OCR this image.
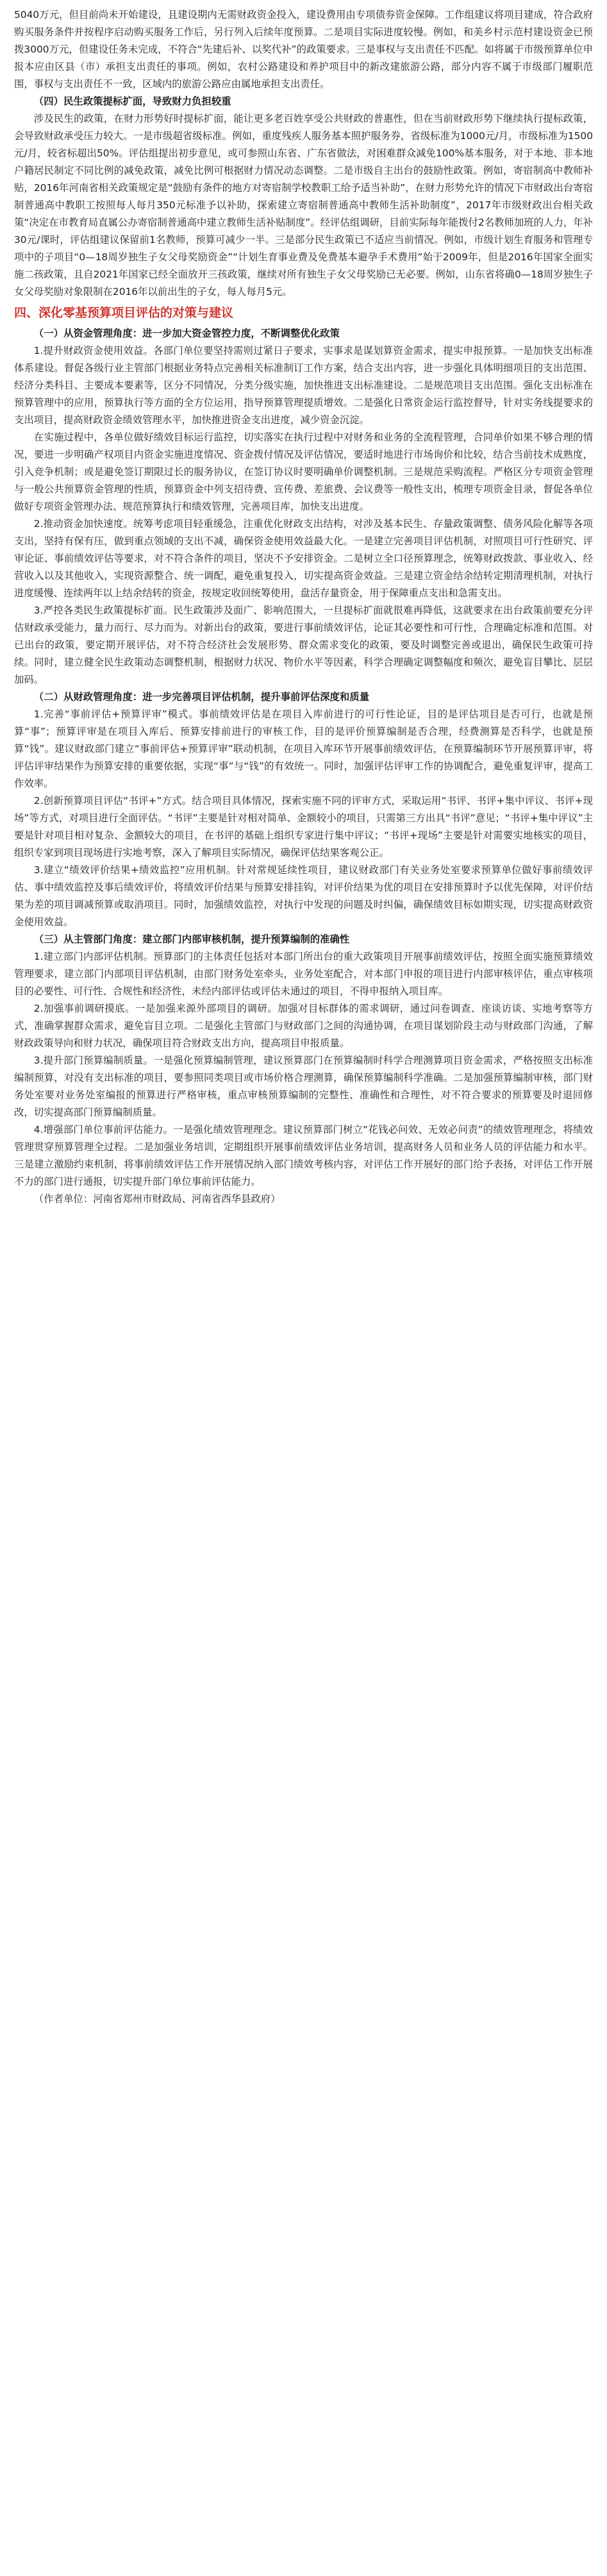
5040万元，但目前尚未开始建设，且建设期内无需财政资金投入，建设费用由专项债券资金保障。工作组建议将项目建成，符合政府购买服务条件并按程序启动购买服务工作后，另行列入后续年度预算。二是项目实际进度较慢。例如，和美乡村示范村建设资金已预拨3000万元，但建设任务未完成，不符合“先建后补、以奖代补”的政策要求。三是事权与支出责任不匹配。如将属于市级预算单位申报本应由区县（市）承担支出责任的事项。例如，农村公路建设和养护项目中的新改建旅游公路，部分内容不属于市级部门履职范围，事权与支出责任不一致，区域内的旅游公路应由属地承担支出责任。

（四）民生政策提标扩面，导致财力负担较重

涉及民生的政策，在财力形势好时提标扩面，能让更多老百姓享受公共财政的普惠性，但在当前财政形势下继续执行提标政策，会导致财政承受压力较大。一是市级超省级标准。例如，重度残疾人服务基本照护服务券，省级标准为1000元/月，市级标准为1500元/月，较省标超出50%。评估组提出初步意见，或可参照山东省、广东省做法，对困难群众减免100%基本服务，对于本地、非本地户籍居民制定不同比例的减免政策，减免比例可根据财力情况动态调整。二是市级自主出台的鼓励性政策。例如，寄宿制高中教师补贴，2016年河南省相关政策规定是“鼓励有条件的地方对寄宿制学校教职工给予适当补助”，在财力形势允许的情况下市财政出台寄宿制普通高中教职工按照每人每月350元标准予以补助，探索建立寄宿制普通高中教师生活补助制度”，2017年市级财政出台相关政策“决定在市教育局直属公办寄宿制普通高中建立教师生活补贴制度”。经评估组调研，目前实际每年能拨付2名教师加班的人力，年补30元/课时，评估组建议保留前1名教师，预算可减少一半。三是部分民生政策已不适应当前情况。例如，市级计划生育服务和管理专项中的子项目“0—18周岁独生子女父母奖励资金”“计划生育事业费及免费基本避孕手术费用”始于2009年，但是2016年国家全面实施二孩政策，且自2021年国家已经全面放开三孩政策，继续对所有独生子女父母奖励已无必要。例如，山东省将确0—18周岁独生子女父母奖励对象限制在2016年以前出生的子女，每人每月5元。

四、深化零基预算项目评估的对策与建议

（一）从资金管理角度：进一步加大资金管控力度，不断调整优化政策

1.提升财政资金使用效益。各部门单位要坚持需则过紧日子要求，实事求是谋划算资金需求，提实申报预算。一是加快支出标准体系建设。督促各级行业主管部门根据业务特点完善相关标准制订工作方案，结合支出内容，进一步强化具体明细项目的支出范围、经济分类科目、主要成本要素等，区分不同情况，分类分级实施，加快推进支出标准建设。二是规范项目支出范围。强化支出标准在预算管理中的应用，预算执行等方面的全方位运用，指导预算管理提质增效。二是强化日常资金运行监控督导，针对实务线提要求的支出项目，提高财政资金绩效管理水平，加快推进资金支出进度，减少资金沉淀。

在实施过程中，各单位做好绩效目标运行监控，切实落实在执行过程中对财务和业务的全流程管理，合同单价如果不够合理的情况，要进一步明确产权项目内资金实施进度情况、资金拨付情况及评估情况，要适时地进行市场询价和比较，结合当前技术成熟度，引入竞争机制；或是避免签订期限过长的服务协议，在签订协议时要明确单价调整机制。三是规范采购流程。严格区分专项资金管理与一般公共预算资金管理的性质，预算资金中列支招待费、宣传费、差旅费、会议费等一般性支出，梳理专项资金目录，督促各单位做好专项资金管理办法、规范预算执行和绩效管理，完善项目库，加快支出进度。

2.推动资金加快速度。统筹考虑项目轻重缓急，注重优化财政支出结构，对涉及基本民生、存量政策调整、债务风险化解等各项支出，坚持有保有压，做到重点领域的支出不减，确保资金使用效益最大化。一是建立完善项目评估机制，对照项目可行性研究、评审论证、事前绩效评估等要求，对不符合条件的项目，坚决不予安排资金。二是树立全口径预算理念，统筹财政拨款、事业收入、经营收入以及其他收入，实现资源整合、统一调配，避免重复投入，切实提高资金效益。三是建立资金结余结转定期清理机制，对执行进度缓慢、连续两年以上结余结转的资金，按规定收回统筹使用，盘活存量资金，用于保障重点支出和急需支出。

3.严控各类民生政策提标扩面。民生政策涉及面广、影响范围大，一旦提标扩面就很难再降低，这就要求在出台政策前要充分评估财政承受能力，量力而行、尽力而为。对新出台的政策，要进行事前绩效评估，论证其必要性和可行性，合理确定标准和范围。对已出台的政策，要定期开展评估，对不符合经济社会发展形势、群众需求变化的政策，要及时调整完善或退出，确保民生政策可持续。同时，建立健全民生政策动态调整机制，根据财力状况、物价水平等因素，科学合理确定调整幅度和频次，避免盲目攀比、层层加码。

（二）从财政管理角度：进一步完善项目评估机制，提升事前评估深度和质量

1.完善“事前评估+预算评审”模式。事前绩效评估是在项目入库前进行的可行性论证，目的是评估项目是否可行，也就是预算“事”；预算评审是在项目入库后、预算安排前进行的审核工作，目的是评价预算编制是否合理，经费测算是否科学，也就是预算“钱”。建议财政部门建立“事前评估+预算评审”联动机制，在项目入库环节开展事前绩效评估，在预算编制环节开展预算评审，将评估评审结果作为预算安排的重要依据，实现“事”与“钱”的有效统一。同时，加强评估评审工作的协调配合，避免重复评审，提高工作效率。

2.创新预算项目评估“书评+”方式。结合项目具体情况，探索实施不同的评审方式，采取运用“书评、书评+集中评议、书评+现场”等方式，对项目进行全面评估。“书评”主要是针对相对简单、金额较小的项目，只需第三方出具“书评”意见；“书评+集中评议”主要是针对项目相对复杂、金额较大的项目，在书评的基础上组织专家进行集中评议；“书评+现场”主要是针对需要实地核实的项目，组织专家到项目现场进行实地考察，深入了解项目实际情况，确保评估结果客观公正。

3.建立“绩效评价结果+绩效监控”应用机制。针对常规延续性项目，建议财政部门有关业务处室要求预算单位做好事前绩效评估、事中绩效监控及事后绩效评价，将绩效评价结果与预算安排挂钩，对评价结果为优的项目在安排预算时予以优先保障，对评价结果为差的项目调减预算或取消项目。同时，加强绩效监控，对执行中发现的问题及时纠偏，确保绩效目标如期实现，切实提高财政资金使用效益。

（三）从主管部门角度：建立部门内部审核机制，提升预算编制的准确性

1.建立部门内部评估机制。预算部门的主体责任包括对本部门所出台的重大政策项目开展事前绩效评估，按照全面实施预算绩效管理要求，建立部门内部项目评估机制，由部门财务处室牵头，业务处室配合，对本部门申报的项目进行内部审核评估，重点审核项目的必要性、可行性、合规性和经济性，未经内部评估或评估未通过的项目，不得申报纳入项目库。

2.加强事前调研摸底。一是加强来源外部项目的调研。加强对目标群体的需求调研，通过问卷调查、座谈访谈、实地考察等方式，准确掌握群众需求，避免盲目立项。二是强化主管部门与财政部门之间的沟通协调，在项目谋划阶段主动与财政部门沟通，了解财政政策导向和财力状况，确保项目符合财政支出方向，提高项目申报质量。

3.提升部门预算编制质量。一是强化预算编制管理，建议预算部门在预算编制时科学合理测算项目资金需求，严格按照支出标准编制预算，对没有支出标准的项目，要参照同类项目或市场价格合理测算，确保预算编制科学准确。二是加强预算编制审核，部门财务处室要对业务处室编报的预算进行严格审核，重点审核预算编制的完整性、准确性和合理性，对不符合要求的预算要及时退回修改，切实提高部门预算编制质量。

4.增强部门单位事前评估能力。一是强化绩效管理理念。建议预算部门树立“花钱必问效、无效必问责”的绩效管理理念，将绩效管理贯穿预算管理全过程。二是加强业务培训，定期组织开展事前绩效评估业务培训，提高财务人员和业务人员的评估能力和水平。三是建立激励约束机制，将事前绩效评估工作开展情况纳入部门绩效考核内容，对评估工作开展好的部门给予表扬，对评估工作开展不力的部门进行通报，切实提升部门单位事前评估能力。

（作者单位：河南省郑州市财政局、河南省西华县政府）
